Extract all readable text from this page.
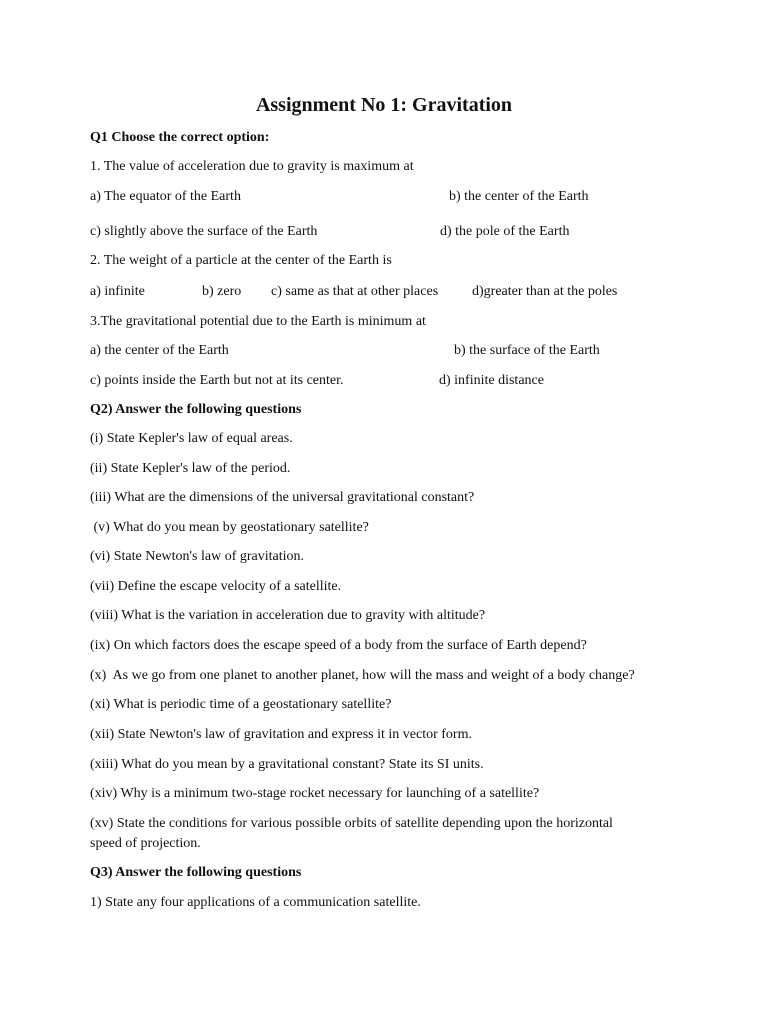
Assignment No 1: Gravitation
Q1 Choose the correct option:
1. The value of acceleration due to gravity is maximum at
a) The equator of the Earth	b) the center of the Earth
c) slightly above the surface of the Earth	d) the pole of the Earth
2. The weight of a particle at the center of the Earth is
a) infinite	b) zero c) same as that at other places d)greater than at the poles
3.The gravitational potential due to the Earth is minimum at
a) the center of the Earth	b) the surface of the Earth
c) points inside the Earth but not at its center.	d) infinite distance
Q2) Answer the following questions
(i) State Kepler's law of equal areas.
(ii) State Kepler's law of the period.
(iii) What are the dimensions of the universal gravitational constant?
(v) What do you mean by geostationary satellite?
(vi) State Newton's law of gravitation.
(vii) Define the escape velocity of a satellite.
(viii) What is the variation in acceleration due to gravity with altitude?
(ix) On which factors does the escape speed of a body from the surface of Earth depend?
(x)  As we go from one planet to another planet, how will the mass and weight of a body change?
(xi) What is periodic time of a geostationary satellite?
(xii) State Newton's law of gravitation and express it in vector form.
(xiii) What do you mean by a gravitational constant? State its SI units.
(xiv) Why is a minimum two-stage rocket necessary for launching of a satellite?
(xv) State the conditions for various possible orbits of satellite depending upon the horizontal
speed of projection.
Q3) Answer the following questions
1) State any four applications of a communication satellite.
